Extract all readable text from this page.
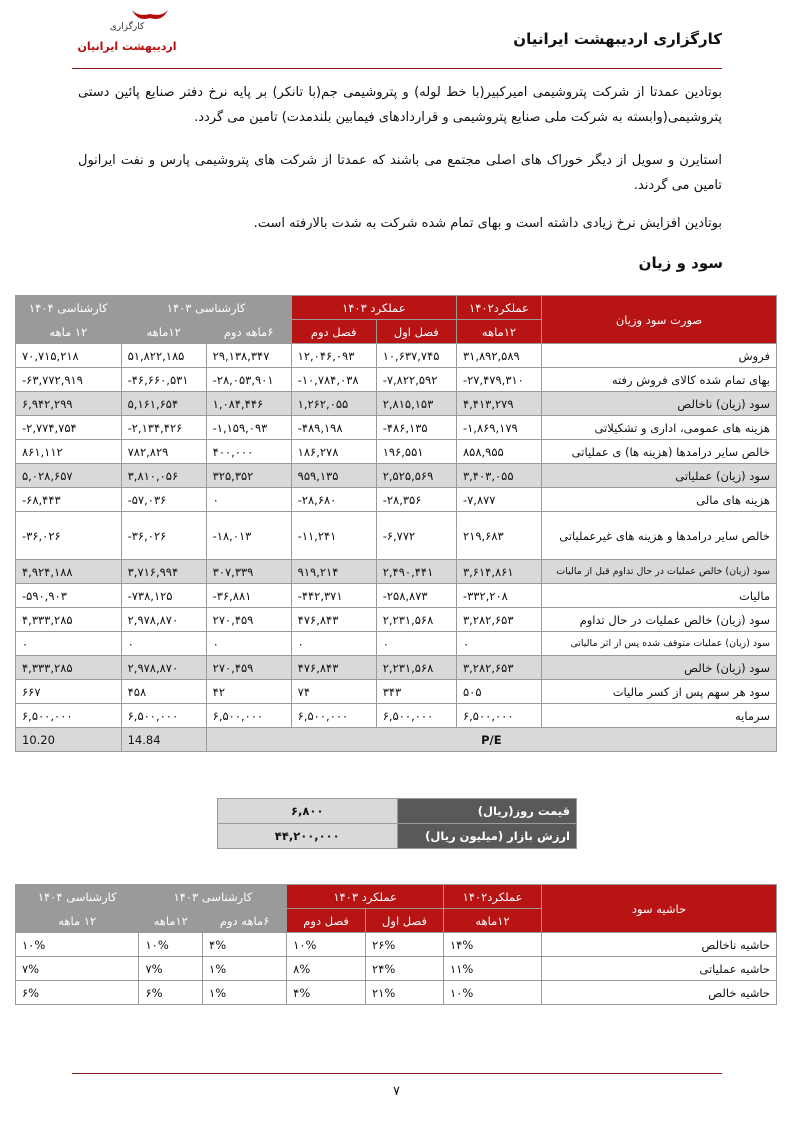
کارگزاری
اردیبهشت ایرانیان	کارگزاری اردیبهشت ایرانیان
بوتادین عمدتا از شرکت پتروشیمی امیرکبیر(با خط لوله) و پتروشیمی جم(با تانکر) بر پایه نرخ دفتر صنایع پائین دستی پتروشیمی(وابسته به شرکت ملی صنایع پتروشیمی و قراردادهای فیمابین بلندمدت) تامین می گردد.
استایرن و سویل از دیگر خوراک های اصلی مجتمع می باشند که عمدتا از شرکت های پتروشیمی پارس و نفت ایرانول تامین می گردند.
بوتادین افزایش نرخ زیادی داشته است و بهای تمام شده شرکت به شدت بالارفته است.
سود و زیان
صورت سود وزیان	عملکرد۱۴۰۲	عملکرد ۱۴۰۳		کارشناسی ۱۴۰۳		کارشناسی ۱۴۰۴
	۱۲ماهه	فصل اول	فصل دوم	۶ماهه دوم	۱۲ماهه	۱۲ ماهه
فروش	۳۱,۸۹۲,۵۸۹	۱۰,۶۳۷,۷۴۵	۱۲,۰۴۶,۰۹۳	۲۹,۱۳۸,۳۴۷	۵۱,۸۲۲,۱۸۵	۷۰,۷۱۵,۲۱۸
بهای تمام شده کالای فروش رفته	-۲۷,۴۷۹,۳۱۰	-۷,۸۲۲,۵۹۲	-۱۰,۷۸۴,۰۳۸	-۲۸,۰۵۳,۹۰۱	-۴۶,۶۶۰,۵۳۱	-۶۳,۷۷۲,۹۱۹
سود (زیان) ناخالص	۴,۴۱۳,۲۷۹	۲,۸۱۵,۱۵۳	۱,۲۶۲,۰۵۵	۱,۰۸۴,۴۴۶	۵,۱۶۱,۶۵۴	۶,۹۴۲,۲۹۹
هزینه های عمومی، اداری و تشکیلاتی	-۱,۸۶۹,۱۷۹	-۴۸۶,۱۳۵	-۴۸۹,۱۹۸	-۱,۱۵۹,۰۹۳	-۲,۱۳۴,۴۲۶	-۲,۷۷۴,۷۵۴
خالص سایر درامدها (هزینه ها) ی عملیاتی	۸۵۸,۹۵۵	۱۹۶,۵۵۱	۱۸۶,۲۷۸	۴۰۰,۰۰۰	۷۸۲,۸۲۹	۸۶۱,۱۱۲
سود (زیان) عملیاتی	۳,۴۰۳,۰۵۵	۲,۵۲۵,۵۶۹	۹۵۹,۱۳۵	۳۲۵,۳۵۲	۳,۸۱۰,۰۵۶	۵,۰۲۸,۶۵۷
هزینه های مالی	-۷,۸۷۷	-۲۸,۳۵۶	-۲۸,۶۸۰	۰	-۵۷,۰۳۶	-۶۸,۴۴۳
خالص سایر درامدها و هزینه های غیرعملیاتی	۲۱۹,۶۸۳	-۶,۷۷۲	-۱۱,۲۴۱	-۱۸,۰۱۳	-۳۶,۰۲۶	-۳۶,۰۲۶
سود (زیان) خالص عملیات در حال تداوم قبل از مالیات	۳,۶۱۴,۸۶۱	۲,۴۹۰,۴۴۱	۹۱۹,۲۱۴	۳۰۷,۳۳۹	۳,۷۱۶,۹۹۴	۴,۹۲۴,۱۸۸
مالیات	-۳۳۲,۲۰۸	-۲۵۸,۸۷۳	-۴۴۲,۳۷۱	-۳۶,۸۸۱	-۷۳۸,۱۲۵	-۵۹۰,۹۰۳
سود (زیان) خالص عملیات در حال تداوم	۳,۲۸۲,۶۵۳	۲,۲۳۱,۵۶۸	۴۷۶,۸۴۳	۲۷۰,۴۵۹	۲,۹۷۸,۸۷۰	۴,۳۳۳,۲۸۵
سود (زیان) عملیات متوقف شده پس از اثر مالیاتی	۰	۰	۰	۰	۰	۰
سود (زیان) خالص	۳,۲۸۲,۶۵۳	۲,۲۳۱,۵۶۸	۴۷۶,۸۴۳	۲۷۰,۴۵۹	۲,۹۷۸,۸۷۰	۴,۳۳۳,۲۸۵
سود هر سهم پس از کسر مالیات	۵۰۵	۳۴۳	۷۴	۴۲	۴۵۸	۶۶۷
سرمایه	۶,۵۰۰,۰۰۰	۶,۵۰۰,۰۰۰	۶,۵۰۰,۰۰۰	۶,۵۰۰,۰۰۰	۶,۵۰۰,۰۰۰	۶,۵۰۰,۰۰۰
P/E					14.84	10.20
قیمت روز(ریال)	۶,۸۰۰
ارزش بازار (میلیون ریال)	۴۴,۲۰۰,۰۰۰
حاشیه سود	عملکرد۱۴۰۲	عملکرد ۱۴۰۳		کارشناسی ۱۴۰۳		کارشناسی ۱۴۰۴
	۱۲ماهه	فصل اول	فصل دوم	۶ماهه دوم	۱۲ماهه	۱۲ ماهه
حاشیه ناخالص	۱۴%	۲۶%	۱۰%	۴%	۱۰%	۱۰%
حاشیه عملیاتی	۱۱%	۲۴%	۸%	۱%	۷%	۷%
حاشیه خالص	۱۰%	۲۱%	۴%	۱%	۶%	۶%
۷
